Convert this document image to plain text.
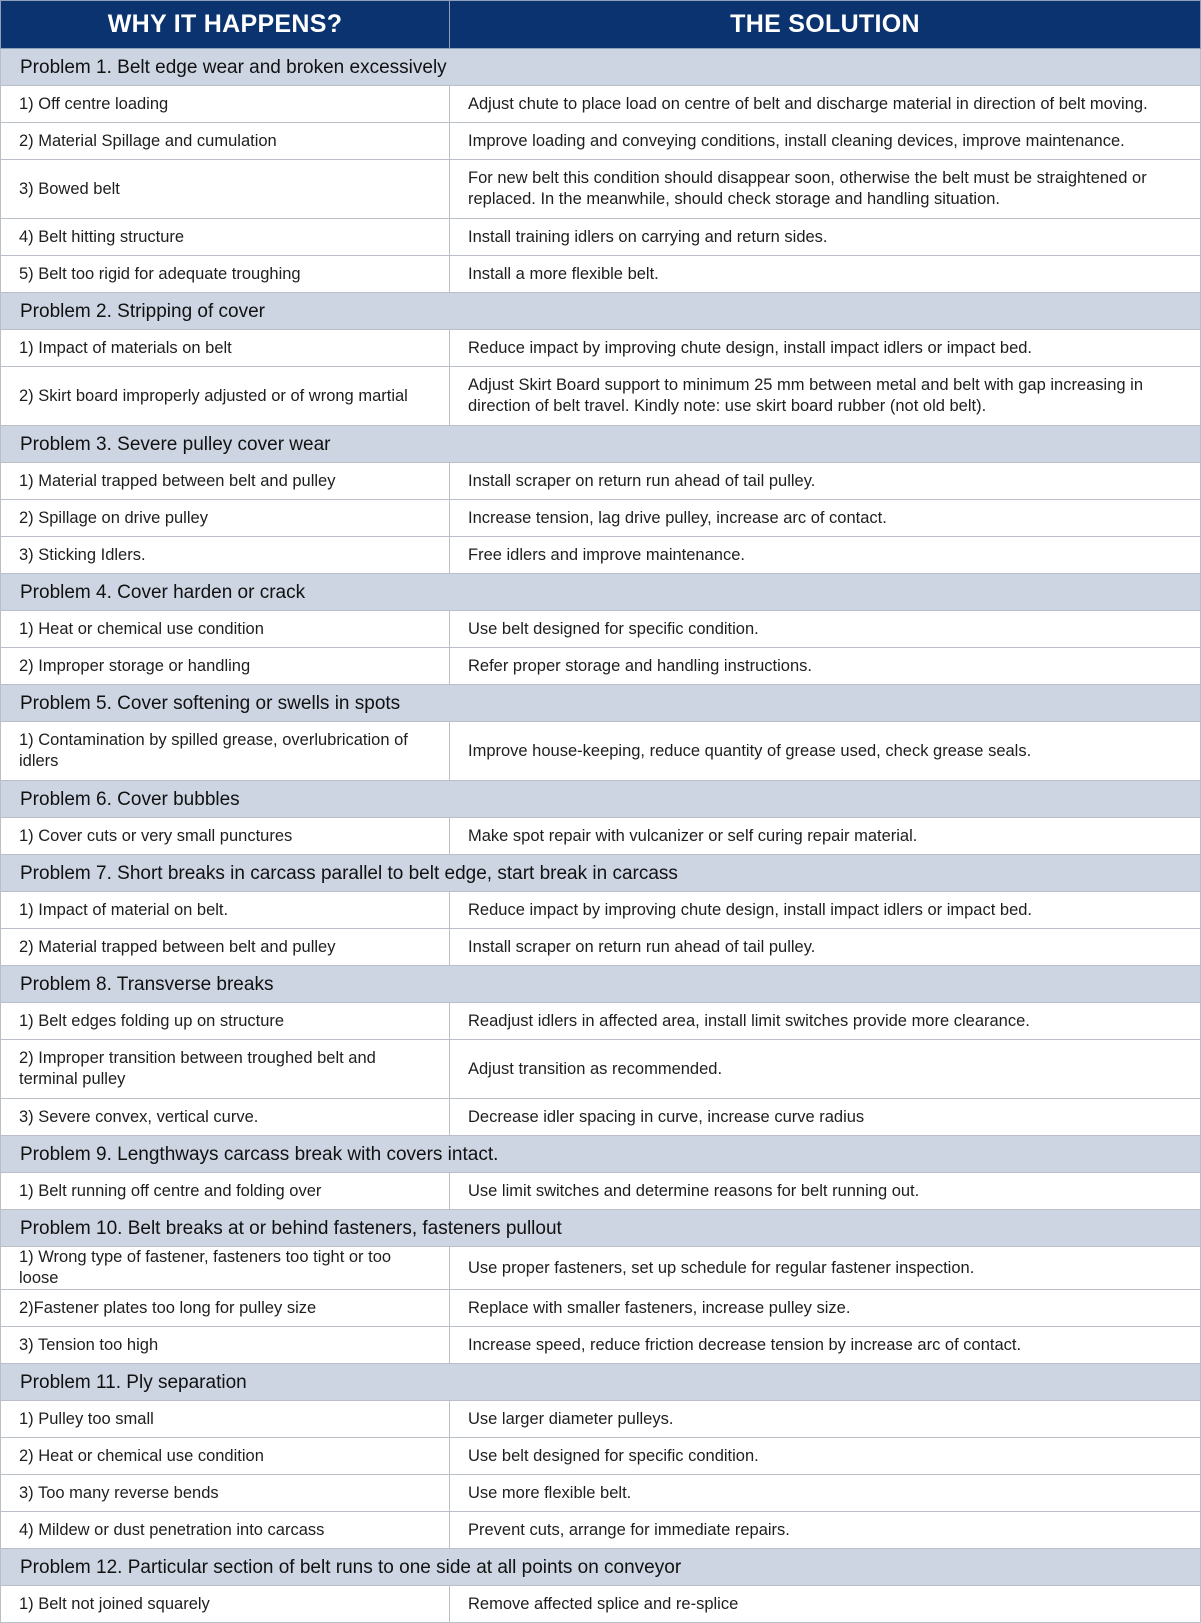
WHY IT HAPPENS?	THE SOLUTION
Problem 1. Belt edge wear and broken excessively	
1) Off centre loading	Adjust chute to place load on centre of belt and discharge material in direction of belt moving.
2) Material Spillage and cumulation	Improve loading and conveying conditions, install cleaning devices, improve maintenance.
3) Bowed belt	For new belt this condition should disappear soon, otherwise the belt must be straightened or replaced. In the meanwhile, should check storage and handling situation.
4) Belt hitting structure	Install training idlers on carrying and return sides.
5) Belt too rigid for adequate troughing	Install a more flexible belt.
Problem 2. Stripping of cover	
1) Impact of materials on belt	Reduce impact by improving chute design, install impact idlers or impact bed.
2) Skirt board improperly adjusted or of wrong martial	Adjust Skirt Board support to minimum 25 mm between metal and belt with gap increasing in direction of belt travel. Kindly note: use skirt board rubber (not old belt).
Problem 3. Severe pulley cover wear	
1) Material trapped between belt and pulley	Install scraper on return run ahead of tail pulley.
2) Spillage on drive pulley	Increase tension, lag drive pulley, increase arc of contact.
3) Sticking Idlers.	Free idlers and improve maintenance.
Problem 4. Cover harden or crack	
1) Heat or chemical use condition	Use belt designed for specific condition.
2) Improper storage or handling	Refer proper storage and handling instructions.
Problem 5. Cover softening or swells in spots	
1) Contamination by spilled grease, overlubrication of idlers	Improve house-keeping, reduce quantity of grease used, check grease seals.
Problem 6. Cover bubbles	
1) Cover cuts or very small punctures	Make spot repair with vulcanizer or self curing repair material.
Problem 7. Short breaks in carcass parallel to belt edge, start break in carcass	
1) Impact of material on belt.	Reduce impact by improving chute design, install impact idlers or impact bed.
2) Material trapped between belt and pulley	Install scraper on return run ahead of tail pulley.
Problem 8. Transverse breaks	
1) Belt edges folding up on structure	Readjust idlers in affected area, install limit switches provide more clearance.
2) Improper transition between troughed belt and terminal pulley	Adjust transition as recommended.
3) Severe convex, vertical curve.	Decrease idler spacing in curve, increase curve radius
Problem 9. Lengthways carcass break with covers intact.	
1) Belt running off centre and folding over	Use limit switches and determine reasons for belt running out.
Problem 10. Belt breaks at or behind fasteners, fasteners pullout	
1) Wrong type of fastener, fasteners too tight or too loose	Use proper fasteners, set up schedule for regular fastener inspection.
2)Fastener plates too long for pulley size	Replace with smaller fasteners, increase pulley size.
3) Tension too high	Increase speed, reduce friction decrease tension by increase arc of contact.
Problem 11. Ply separation	
1) Pulley too small	Use larger diameter pulleys.
2) Heat or chemical use condition	Use belt designed for specific condition.
3) Too many reverse bends	Use more flexible belt.
4) Mildew or dust penetration into carcass	Prevent cuts, arrange for immediate repairs.
Problem 12. Particular section of belt runs to one side at all points on conveyor	
1) Belt not joined squarely	Remove affected splice and re-splice
